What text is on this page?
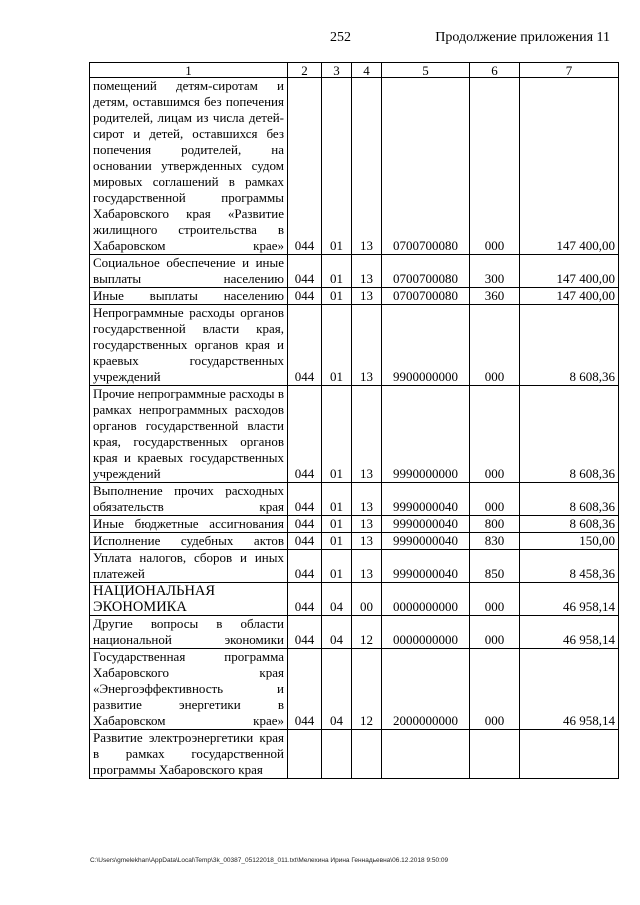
252	Продолжение приложения 11
1	2	3	4	5	6	7
помещений детям-сиротам и детям, оставшимся без попечения родителей, лицам из числа детей-сирот и детей, оставшихся без попечения родителей, на основании утвержденных судом мировых соглашений в рамках государственной программы Хабаровского края «Развитие жилищного строительства в Хабаровском крае»	044	01	13	0700700080	000	147 400,00
Социальное обеспечение и иные выплаты населению	044	01	13	0700700080	300	147 400,00
Иные выплаты населению	044	01	13	0700700080	360	147 400,00
Непрограммные расходы органов государственной власти края, государственных органов края и краевых государственных учреждений	044	01	13	9900000000	000	8 608,36
Прочие непрограммные расходы в рамках непрограммных расходов органов государственной власти края, государственных органов края и краевых государственных учреждений	044	01	13	9990000000	000	8 608,36
Выполнение прочих расходных обязательств края	044	01	13	9990000040	000	8 608,36
Иные бюджетные ассигнования	044	01	13	9990000040	800	8 608,36
Исполнение судебных актов	044	01	13	9990000040	830	150,00
Уплата налогов, сборов и иных платежей	044	01	13	9990000040	850	8 458,36
НАЦИОНАЛЬНАЯ ЭКОНОМИКА	044	04	00	0000000000	000	46 958,14
Другие вопросы в области национальной экономики	044	04	12	0000000000	000	46 958,14
Государственная программа Хабаровского края «Энергоэффективность и развитие энергетики в Хабаровском крае»	044	04	12	2000000000	000	46 958,14
Развитие электроэнергетики края в рамках государственной программы Хабаровского края						
C:\Users\gmelekhan\AppData\Local\Temp\3k_00387_05122018_011.txt\Мелехина Ирина Геннадьевна\06.12.2018 9:50:09
